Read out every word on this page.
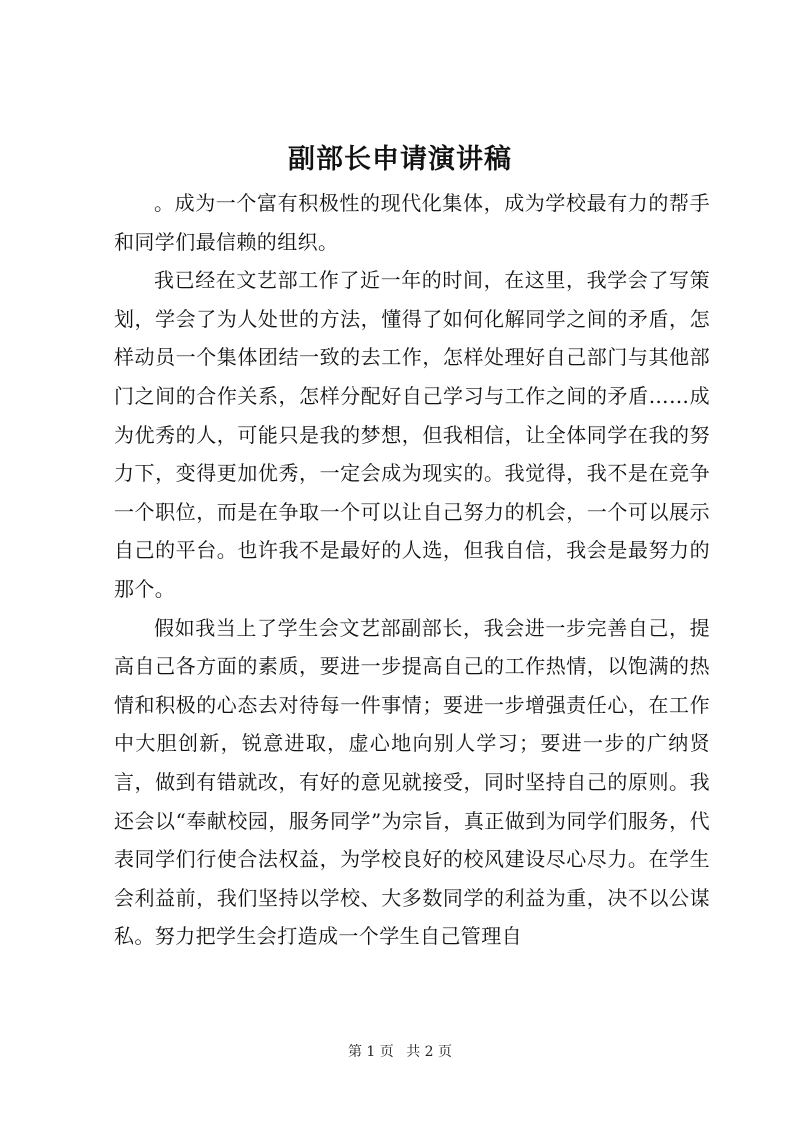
副部长申请演讲稿

。成为一个富有积极性的现代化集体，成为学校最有力的帮手和同学们最信赖的组织。

我已经在文艺部工作了近一年的时间，在这里，我学会了写策划，学会了为人处世的方法，懂得了如何化解同学之间的矛盾，怎样动员一个集体团结一致的去工作，怎样处理好自己部门与其他部门之间的合作关系，怎样分配好自己学习与工作之间的矛盾……成为优秀的人，可能只是我的梦想，但我相信，让全体同学在我的努力下，变得更加优秀，一定会成为现实的。我觉得，我不是在竞争一个职位，而是在争取一个可以让自己努力的机会，一个可以展示自己的平台。也许我不是最好的人选，但我自信，我会是最努力的那个。

假如我当上了学生会文艺部副部长，我会进一步完善自己，提高自己各方面的素质，要进一步提高自己的工作热情，以饱满的热情和积极的心态去对待每一件事情；要进一步增强责任心，在工作中大胆创新，锐意进取，虚心地向别人学习；要进一步的广纳贤言，做到有错就改，有好的意见就接受，同时坚持自己的原则。我还会以“奉献校园，服务同学”为宗旨，真正做到为同学们服务，代表同学们行使合法权益，为学校良好的校风建设尽心尽力。在学生会利益前，我们坚持以学校、大多数同学的利益为重，决不以公谋私。努力把学生会打造成一个学生自己管理自

第 1 页 共 2 页
